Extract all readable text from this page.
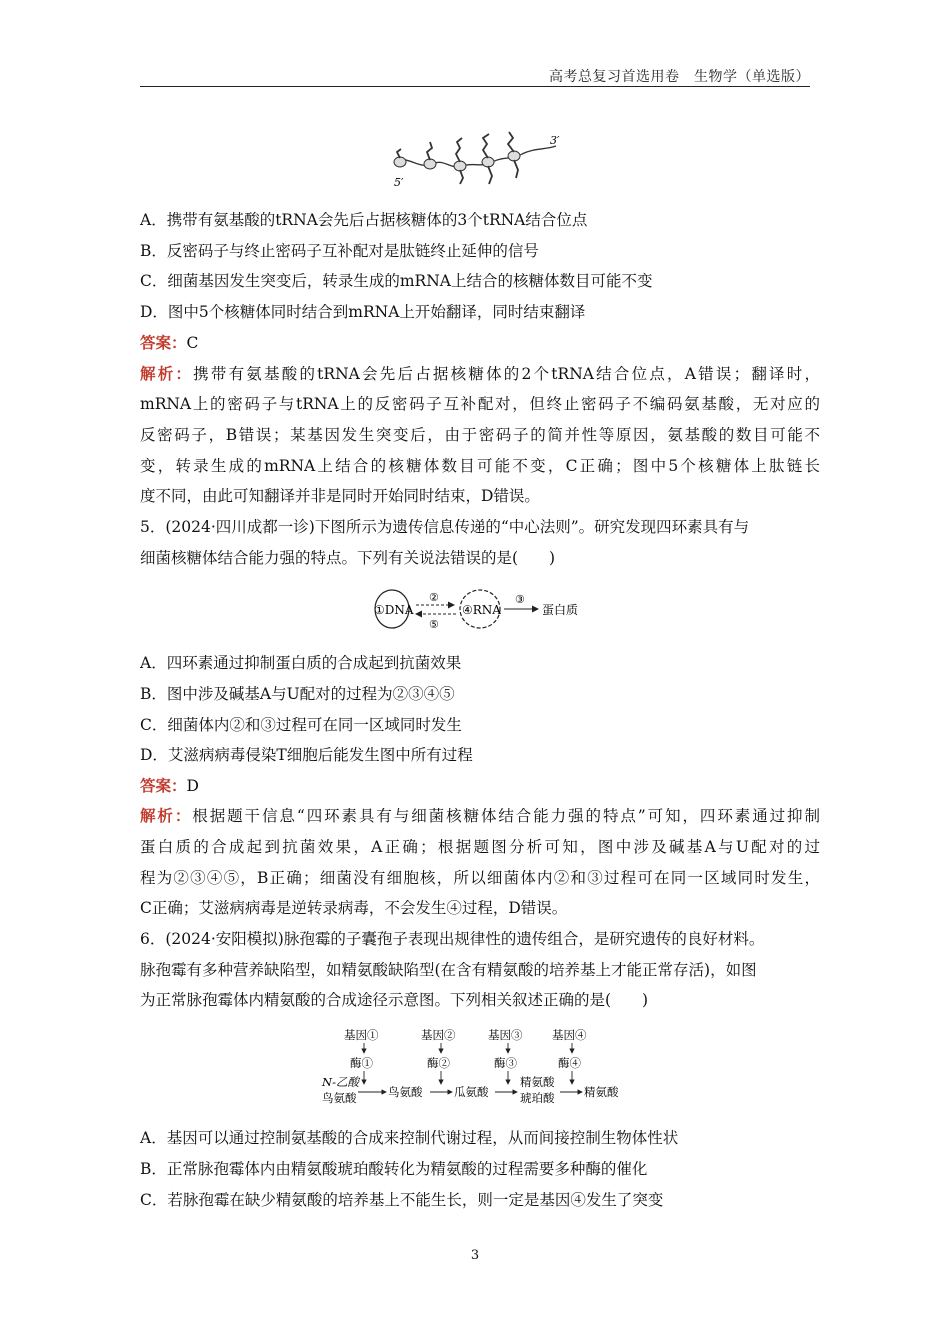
高考总复习首选用卷　生物学（单选版）
3′
5′
A．携带有氨基酸的tRNA会先后占据核糖体的3个tRNA结合位点
B．反密码子与终止密码子互补配对是肽链终止延伸的信号
C．细菌基因发生突变后，转录生成的mRNA上结合的核糖体数目可能不变
D．图中5个核糖体同时结合到mRNA上开始翻译，同时结束翻译
答案：C
解析：携带有氨基酸的tRNA会先后占据核糖体的2个tRNA结合位点，A错误；翻译时，
mRNA上的密码子与tRNA上的反密码子互补配对，但终止密码子不编码氨基酸，无对应的
反密码子，B错误；某基因发生突变后，由于密码子的简并性等原因，氨基酸的数目可能不
变，转录生成的mRNA上结合的核糖体数目可能不变，C正确；图中5个核糖体上肽链长
度不同，由此可知翻译并非是同时开始同时结束，D错误。
5．(2024·四川成都一诊)下图所示为遗传信息传递的“中心法则”。研究发现四环素具有与
细菌核糖体结合能力强的特点。下列有关说法错误的是(　　)
①DNA
②
⑤
④RNA
③
蛋白质
A．四环素通过抑制蛋白质的合成起到抗菌效果
B．图中涉及碱基A与U配对的过程为②③④⑤
C．细菌体内②和③过程可在同一区域同时发生
D．艾滋病病毒侵染T细胞后能发生图中所有过程
答案：D
解析：根据题干信息“四环素具有与细菌核糖体结合能力强的特点”可知，四环素通过抑制
蛋白质的合成起到抗菌效果，A正确；根据题图分析可知，图中涉及碱基A与U配对的过
程为②③④⑤，B正确；细菌没有细胞核，所以细菌体内②和③过程可在同一区域同时发生，
C正确；艾滋病病毒是逆转录病毒，不会发生④过程，D错误。
6．(2024·安阳模拟)脉孢霉的子囊孢子表现出规律性的遗传组合，是研究遗传的良好材料。
脉孢霉有多种营养缺陷型，如精氨酸缺陷型(在含有精氨酸的培养基上才能正常存活)，如图
为正常脉孢霉体内精氨酸的合成途径示意图。下列相关叙述正确的是(　　)
基因①	基因②	基因③	基因④
酶①	酶②	酶③	酶④
N-乙酸
鸟氨酸	鸟氨酸	瓜氨酸
精氨酸
琥珀酸	精氨酸
A．基因可以通过控制氨基酸的合成来控制代谢过程，从而间接控制生物体性状
B．正常脉孢霉体内由精氨酸琥珀酸转化为精氨酸的过程需要多种酶的催化
C．若脉孢霉在缺少精氨酸的培养基上不能生长，则一定是基因④发生了突变
3
